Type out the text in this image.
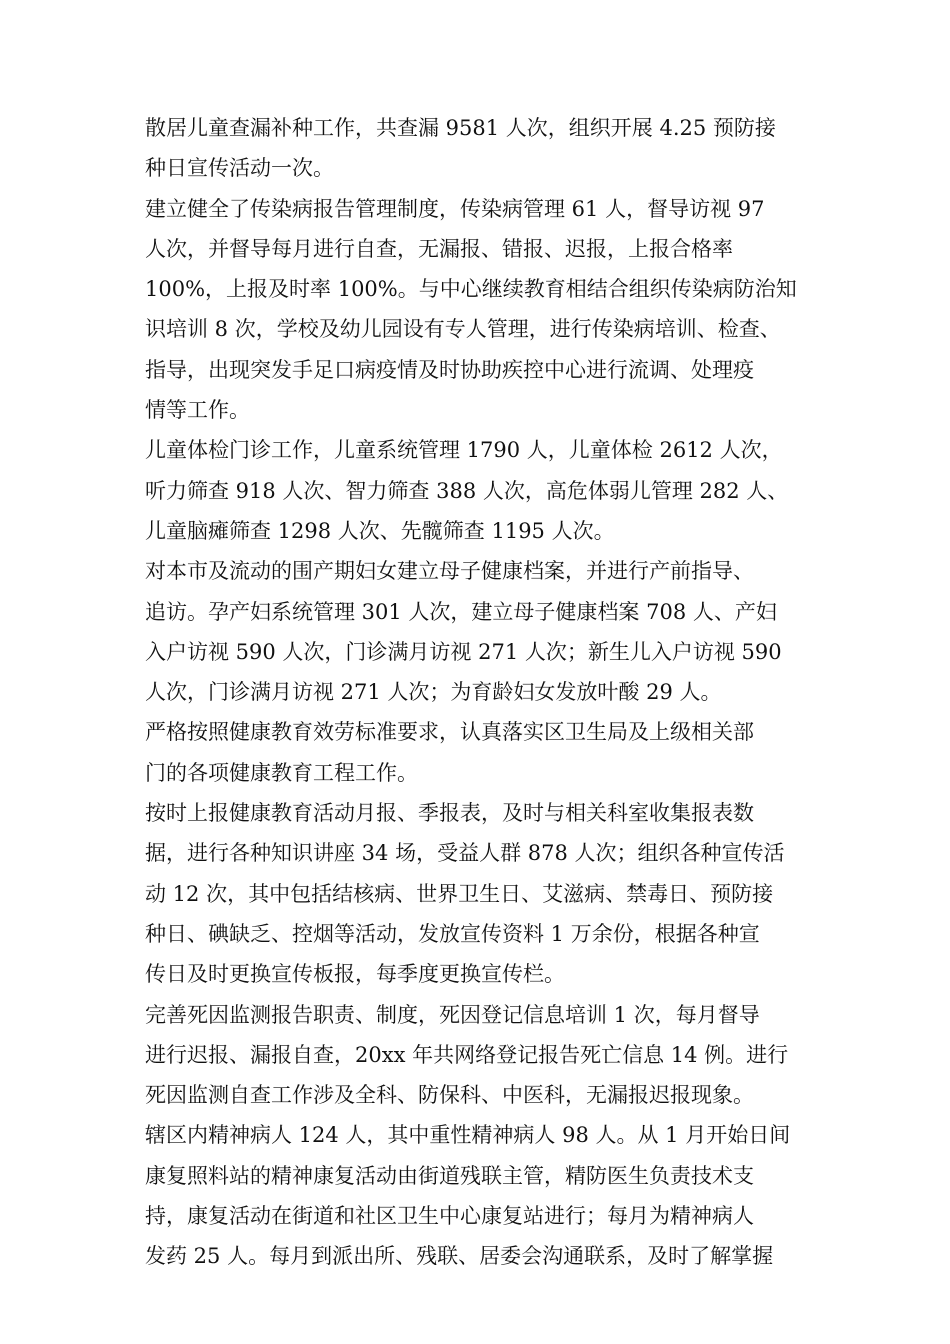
散居儿童查漏补种工作，共查漏 9581 人次，组织开展 4.25 预防接
种日宣传活动一次。
建立健全了传染病报告管理制度，传染病管理 61 人，督导访视 97
人次，并督导每月进行自查，无漏报、错报、迟报，上报合格率
100%，上报及时率 100%。与中心继续教育相结合组织传染病防治知
识培训 8 次，学校及幼儿园设有专人管理，进行传染病培训、检查、
指导，出现突发手足口病疫情及时协助疾控中心进行流调、处理疫
情等工作。
儿童体检门诊工作，儿童系统管理 1790 人，儿童体检 2612 人次，
听力筛查 918 人次、智力筛查 388 人次，高危体弱儿管理 282 人、
儿童脑瘫筛查 1298 人次、先髋筛查 1195 人次。
对本市及流动的围产期妇女建立母子健康档案，并进行产前指导、
追访。孕产妇系统管理 301 人次，建立母子健康档案 708 人、产妇
入户访视 590 人次，门诊满月访视 271 人次；新生儿入户访视 590
人次，门诊满月访视 271 人次；为育龄妇女发放叶酸 29 人。
严格按照健康教育效劳标准要求，认真落实区卫生局及上级相关部
门的各项健康教育工程工作。
按时上报健康教育活动月报、季报表，及时与相关科室收集报表数
据，进行各种知识讲座 34 场，受益人群 878 人次；组织各种宣传活
动 12 次，其中包括结核病、世界卫生日、艾滋病、禁毒日、预防接
种日、碘缺乏、控烟等活动，发放宣传资料 1 万余份，根据各种宣
传日及时更换宣传板报，每季度更换宣传栏。
完善死因监测报告职责、制度，死因登记信息培训 1 次，每月督导
进行迟报、漏报自查，20xx 年共网络登记报告死亡信息 14 例。进行
死因监测自查工作涉及全科、防保科、中医科，无漏报迟报现象。
辖区内精神病人 124 人，其中重性精神病人 98 人。从 1 月开始日间
康复照料站的精神康复活动由街道残联主管，精防医生负责技术支
持，康复活动在街道和社区卫生中心康复站进行；每月为精神病人
发药 25 人。每月到派出所、残联、居委会沟通联系，及时了解掌握
